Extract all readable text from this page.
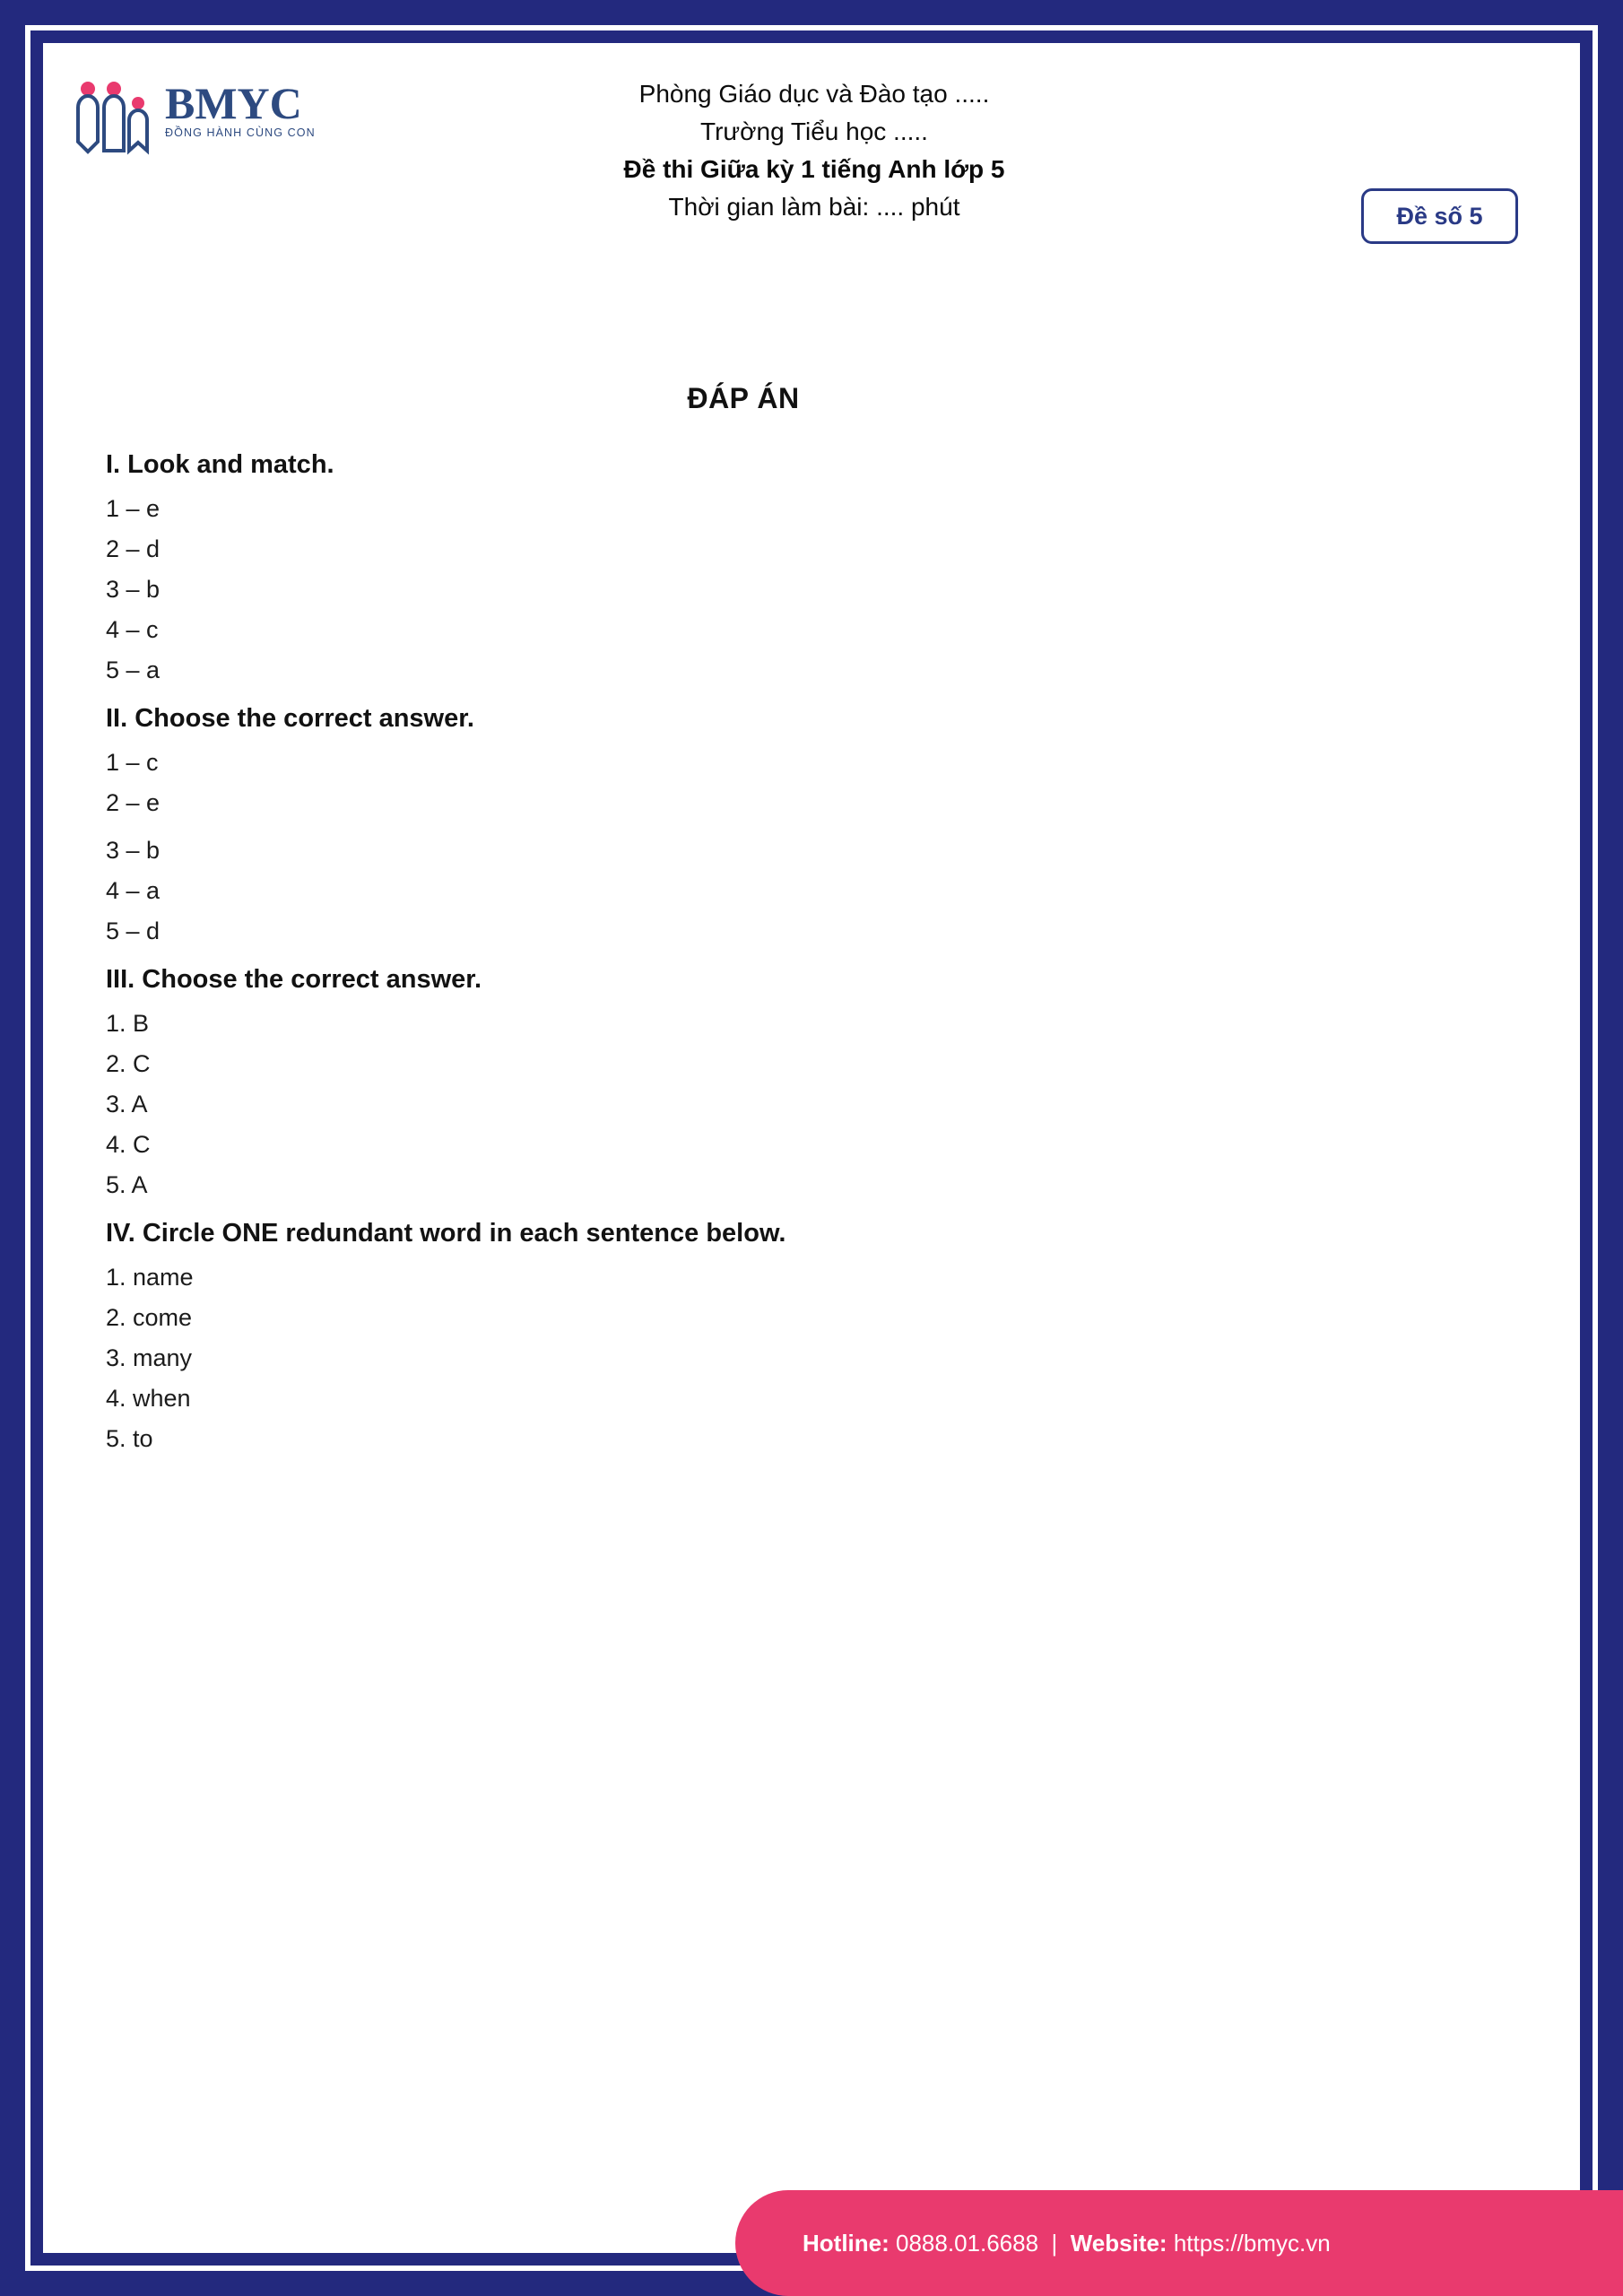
BMYC
ĐỒNG HÀNH CÙNG CON
Phòng Giáo dục và Đào tạo .....
Trường Tiểu học .....
Đề thi Giữa kỳ 1 tiếng Anh lớp 5
Thời gian làm bài: .... phút	Đề số 5
ĐÁP ÁN
I. Look and match.
1 – e
2 – d
3 – b
4 – c
5 – a
II. Choose the correct answer.
1 – c
2 – e
3 – b
4 – a
5 – d
III. Choose the correct answer.
1. B
2. C
3. A
4. C
5. A
IV. Circle ONE redundant word in each sentence below.
1. name
2. come
3. many
4. when
5. to
Hotline: 0888.01.6688 | Website: https://bmyc.vn
